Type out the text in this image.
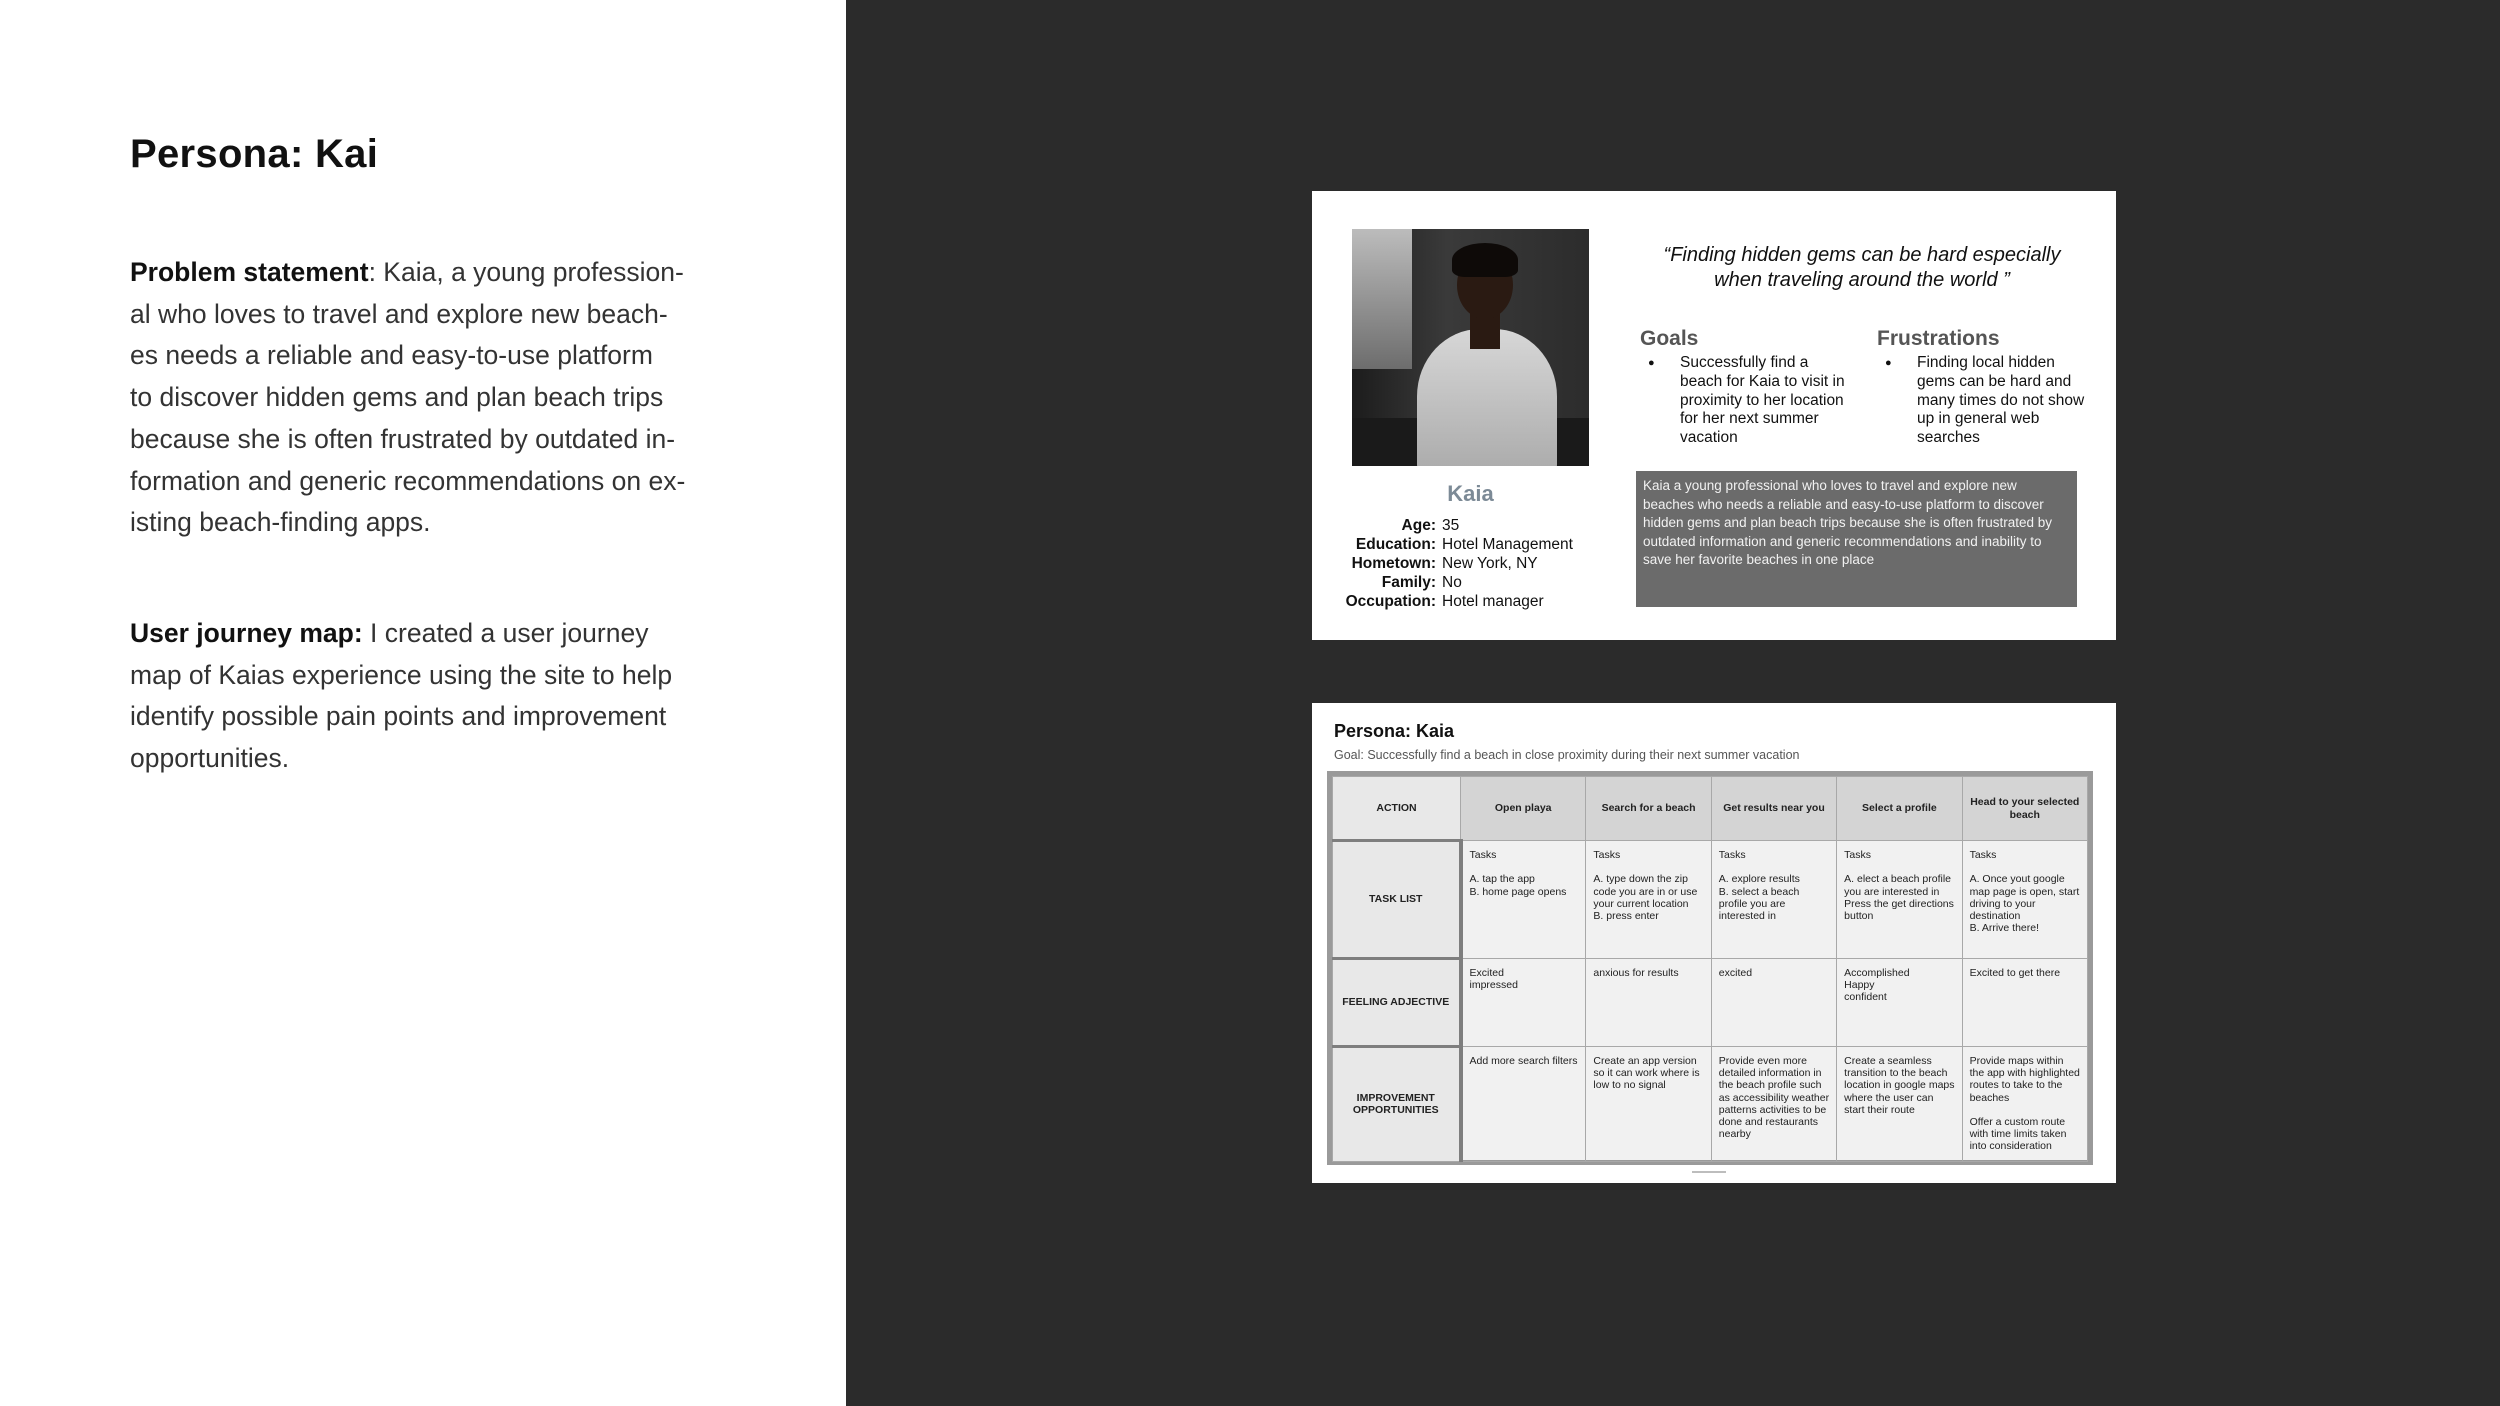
Persona: Kai
Problem statement: Kaia, a young profession-
al who loves to travel and explore new beach-
es needs a reliable and easy-to-use platform
to discover hidden gems and plan beach trips
because she is often frustrated by outdated in-
formation and generic recommendations on ex-
isting beach-finding apps.
User journey map: I created a user journey
map of Kaias experience using the site to help
identify possible pain points and improvement
opportunities.
Kaia
Age: 35
Education: Hotel Management
Hometown: New York, NY
Family: No
Occupation: Hotel manager
“Finding hidden gems can be hard especially when traveling around the world ”
Goals
● Successfully find a beach for Kaia to visit in proximity to her location for her next summer vacation
Frustrations
● Finding local hidden gems can be hard and many times do not show up in general web searches
Kaia a young professional who loves to travel and explore new beaches who needs a reliable and easy-to-use platform to discover hidden gems and plan beach trips because she is often frustrated by outdated information and generic recommendations and inability to save her favorite beaches in one place
Persona: Kaia
Goal: Successfully find a beach in close proximity during their next summer vacation
ACTION	Open playa	Search for a beach	Get results near you	Select a profile	Head to your selected beach
TASK LIST	Tasks

A. tap the app
B. home page opens	Tasks

A. type down the zip code you are in or use your current location
B. press enter	Tasks

A. explore results
B. select a beach profile you are interested in	Tasks

A. elect a beach profile you are interested in
Press the get directions button	Tasks

A. Once yout google map page is open, start driving to your destination
B. Arrive there!
FEELING ADJECTIVE	Excited
impressed	anxious for results	excited	Accomplished
Happy
confident	Excited to get there
IMPROVEMENT OPPORTUNITIES	Add more search filters	Create an app version so it can work where is low to no signal	Provide even more detailed information in the beach profile such as accessibility weather patterns activities to be done and restaurants nearby	Create a seamless transition to the beach location in google maps where the user can start their route	Provide maps within the app with highlighted routes to take to the beaches

Offer a custom route with time limits taken into consideration
